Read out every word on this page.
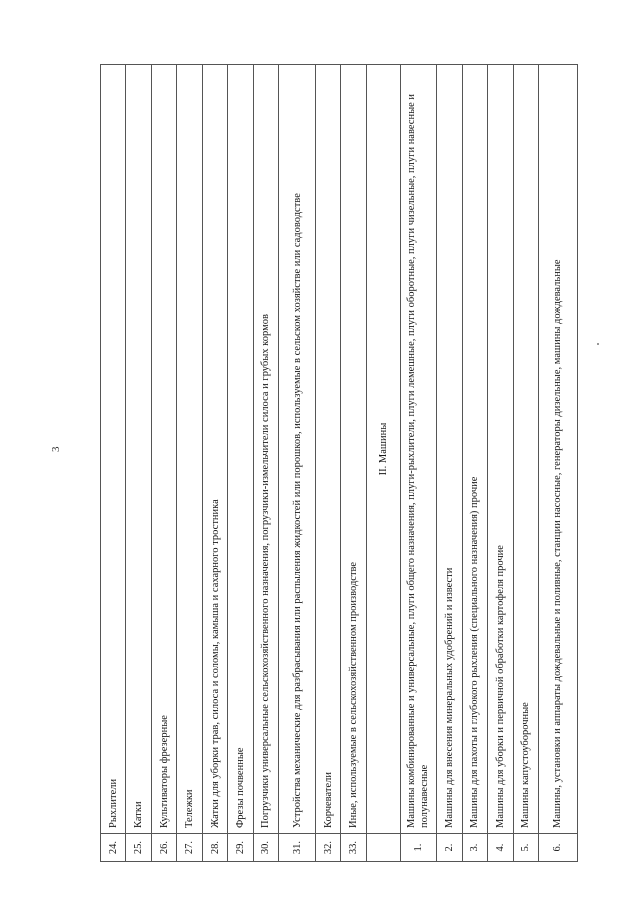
3
24.	Рыхлители
25.	Катки
26.	Культиваторы фрезерные
27.	Тележки
28.	Жатки для уборки трав, силоса и соломы, камыша и сахарного тростника
29.	Фрезы почвенные
30.	Погрузчики универсальные сельскохозяйственного назначения, погрузчики-измельчители силоса и грубых кормов
31.	Устройства механические для разбрасывания или распыления жидкостей или порошков, используемые в сельском хозяйстве или садоводстве
32.	Корчеватели
33.	Иные, используемые в сельскохозяйственном производстве
	II. Машины
1.	Машины комбинированные и универсальные, плуги общего назначения, плуги-рыхлители, плуги лемешные, плуги оборотные, плуги чизельные, плуги навесные и полунавесные
2.	Машины для внесения минеральных удобрений и извести
3.	Машины для пахоты и глубокого рыхления (специального назначения) прочие
4.	Машины для уборки и первичной обработки картофеля прочие
5.	Машины капустоуборочные
6.	Машины, установки и аппараты дождевальные и поливные, станции насосные, генераторы дизельные, машины дождевальные
